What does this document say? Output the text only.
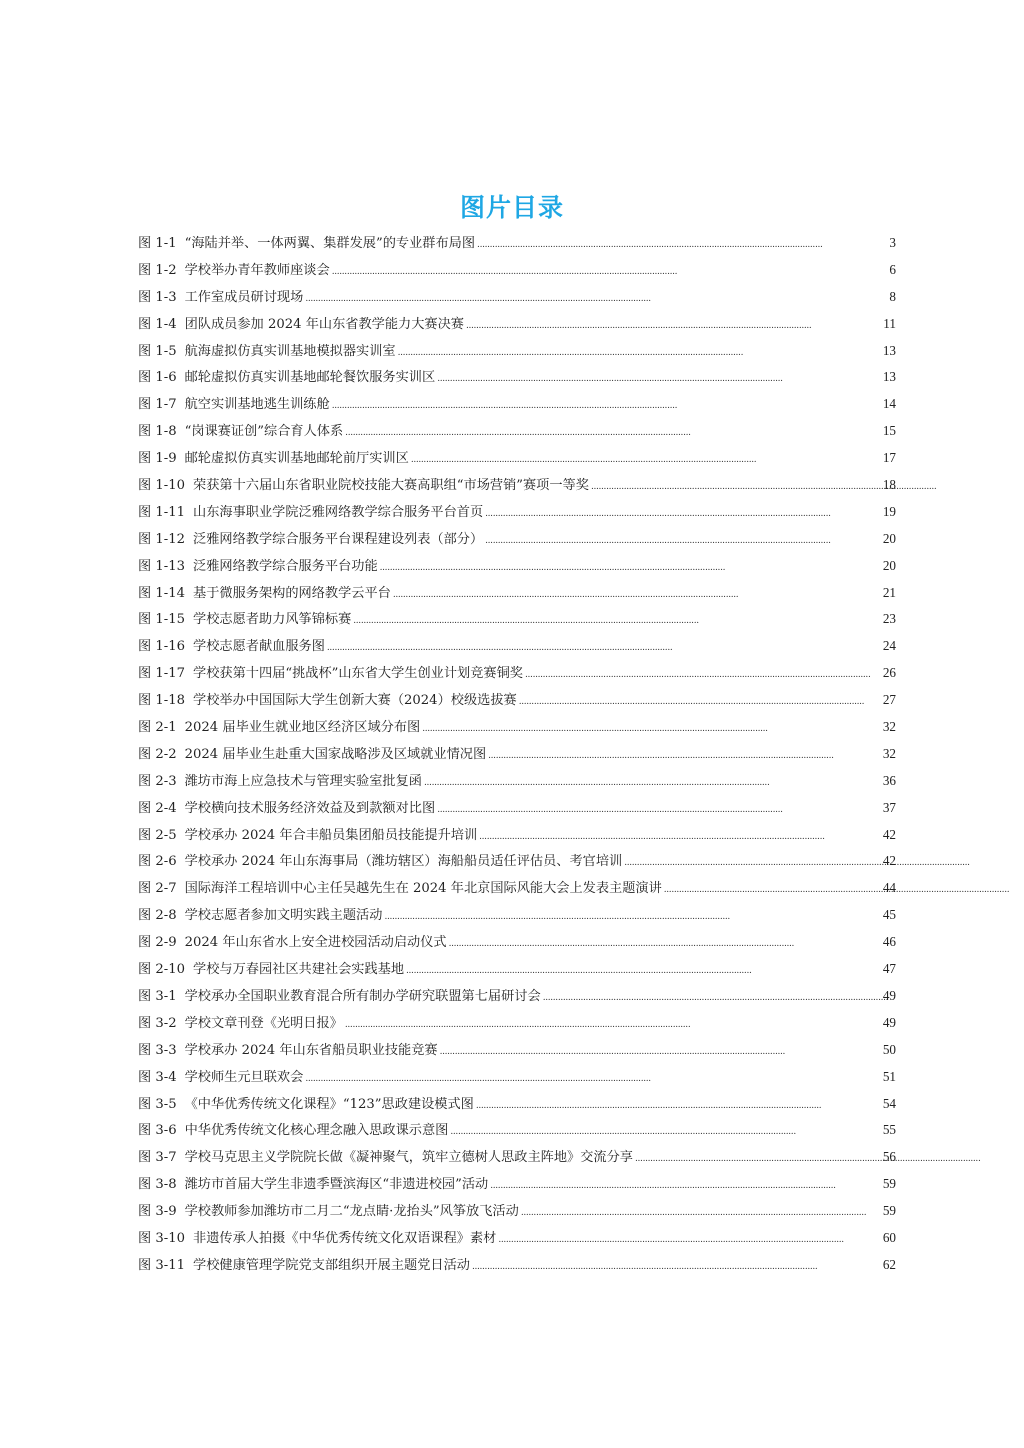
图片目录
图 1-1 “海陆并举、一体两翼、集群发展”的专业群布局图 . . .	3
图 1-2 学校举办青年教师座谈会 . . .	6
图 1-3 工作室成员研讨现场 . . .	8
图 1-4 团队成员参加 2024 年山东省教学能力大赛决赛 . . .	11
图 1-5 航海虚拟仿真实训基地模拟器实训室 . . .	13
图 1-6 邮轮虚拟仿真实训基地邮轮餐饮服务实训区 . . .	13
图 1-7 航空实训基地逃生训练舱 . . .	14
图 1-8 “岗课赛证创”综合育人体系 . . .	15
图 1-9 邮轮虚拟仿真实训基地邮轮前厅实训区 . . .	17
图 1-10 荣获第十六届山东省职业院校技能大赛高职组“市场营销”赛项一等奖 . . .	18
图 1-11 山东海事职业学院泛雅网络教学综合服务平台首页 . . .	19
图 1-12 泛雅网络教学综合服务平台课程建设列表（部分） . . .	20
图 1-13 泛雅网络教学综合服务平台功能 . . .	20
图 1-14 基于微服务架构的网络教学云平台 . . .	21
图 1-15 学校志愿者助力风筝锦标赛 . . .	23
图 1-16 学校志愿者献血服务图 . . .	24
图 1-17 学校获第十四届“挑战杯”山东省大学生创业计划竞赛铜奖 . . .	26
图 1-18 学校举办中国国际大学生创新大赛（2024）校级选拔赛 . . .	27
图 2-1 2024 届毕业生就业地区经济区域分布图 . . .	32
图 2-2 2024 届毕业生赴重大国家战略涉及区域就业情况图 . . .	32
图 2-3 潍坊市海上应急技术与管理实验室批复函 . . .	36
图 2-4 学校横向技术服务经济效益及到款额对比图 . . .	37
图 2-5 学校承办 2024 年合丰船员集团船员技能提升培训 . . .	42
图 2-6 学校承办 2024 年山东海事局（潍坊辖区）海船船员适任评估员、考官培训 . . .	42
图 2-7 国际海洋工程培训中心主任吴越先生在 2024 年北京国际风能大会上发表主题演讲 . . .	44
图 2-8 学校志愿者参加文明实践主题活动 . . .	45
图 2-9 2024 年山东省水上安全进校园活动启动仪式 . . .	46
图 2-10 学校与万春园社区共建社会实践基地 . . .	47
图 3-1 学校承办全国职业教育混合所有制办学研究联盟第七届研讨会 . . .	49
图 3-2 学校文章刊登《光明日报》 . . .	49
图 3-3 学校承办 2024 年山东省船员职业技能竞赛 . . .	50
图 3-4 学校师生元旦联欢会 . . .	51
图 3-5 《中华优秀传统文化课程》“123”思政建设模式图 . . .	54
图 3-6 中华优秀传统文化核心理念融入思政课示意图 . . .	55
图 3-7 学校马克思主义学院院长做《凝神聚气，筑牢立德树人思政主阵地》交流分享 . . .	56
图 3-8 潍坊市首届大学生非遗季暨滨海区“非遗进校园”活动 . . .	59
图 3-9 学校教师参加潍坊市二月二“龙点睛·龙抬头”风筝放飞活动 . . .	59
图 3-10 非遗传承人拍摄《中华优秀传统文化双语课程》素材 . . .	60
图 3-11 学校健康管理学院党支部组织开展主题党日活动 . . .	62
